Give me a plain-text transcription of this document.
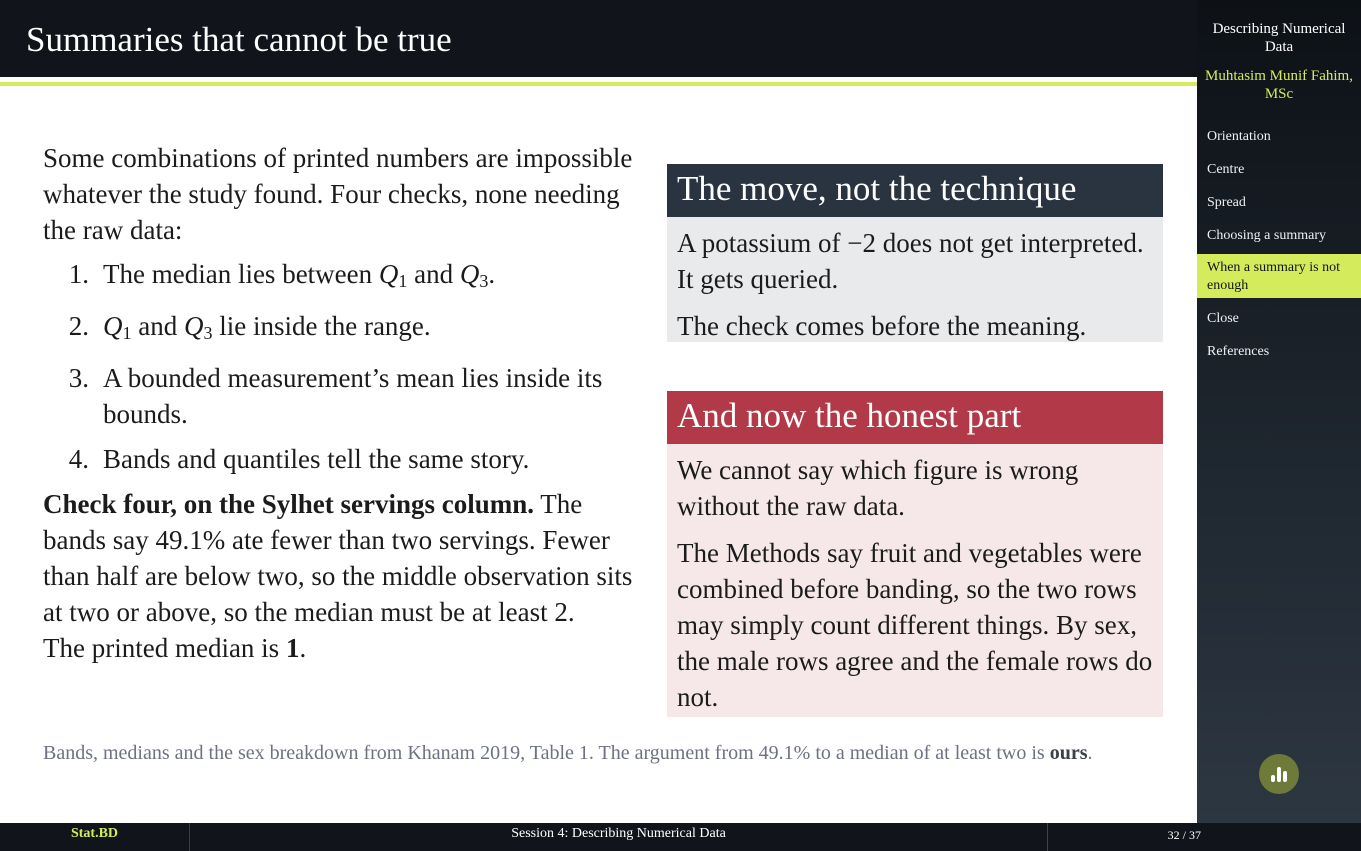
Summaries that cannot be true

Some combinations of printed numbers are impossible whatever the study found. Four checks, none needing the raw data:

1. The median lies between $Q_1$ and $Q_3$.
2. $Q_1$ and $Q_3$ lie inside the range.
3. A bounded measurement’s mean lies inside its bounds.
4. Bands and quantiles tell the same story.

Check four, on the Sylhet servings column. The bands say 49.1% ate fewer than two servings. Fewer than half are below two, so the middle observation sits at two or above, so the median must be at least 2.

The printed median is 1.

The move, not the technique

A potassium of −2 does not get interpreted. It gets queried.

The check comes before the meaning.

And now the honest part

We cannot say which figure is wrong without the raw data.

The Methods say fruit and vegetables were combined before banding, so the two rows may simply count different things. By sex, the male rows agree and the female rows do not.

Bands, medians and the sex breakdown from Khanam 2019, Table 1. The argument from 49.1% to a median of at least two is ours.
Describing Numerical Data
Muhtasim Munif Fahim, MSc
Orientation
Centre
Spread
Choosing a summary
When a summary is not enough
Close
References
Stat.BD	Session 4: Describing Numerical Data	32 / 37
